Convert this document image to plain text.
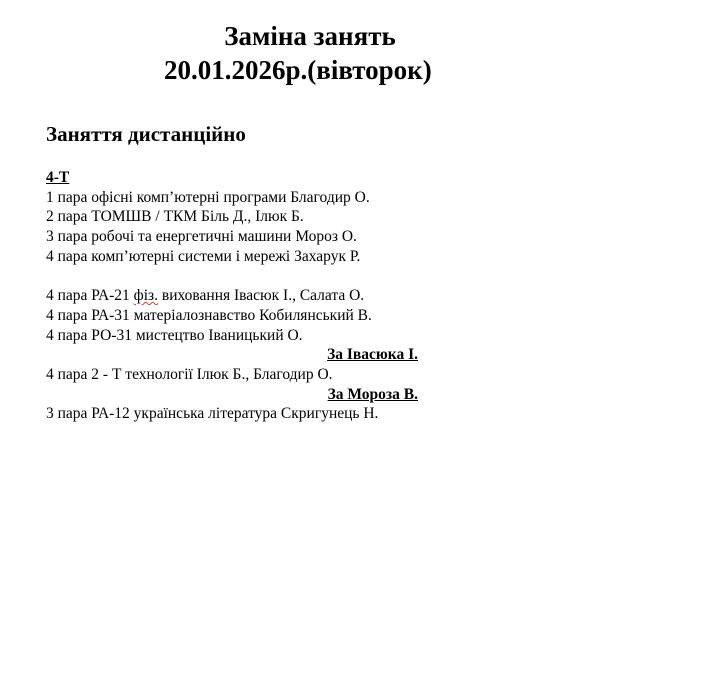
Заміна занять
20.01.2026р.(вівторок)
Заняття дистанційно
4-Т
1 пара офісні комп’ютерні програми Благодир О.
2 пара ТОМШВ / ТКМ Біль Д., Ілюк Б.
3 пара робочі та енергетичні машини Мороз О.
4 пара комп’ютерні системи і мережі Захарук Р.
4 пара РА-21 фіз. виховання Івасюк І., Салата О.
4 пара РА-31 матеріалознавство Кобилянський В.
4 пара РО-31 мистецтво Іваницький О.
За Івасюка І.
4 пара 2 - Т технології Ілюк Б., Благодир О.
За Мороза В.
3 пара РА-12 українська література Скригунець Н.
